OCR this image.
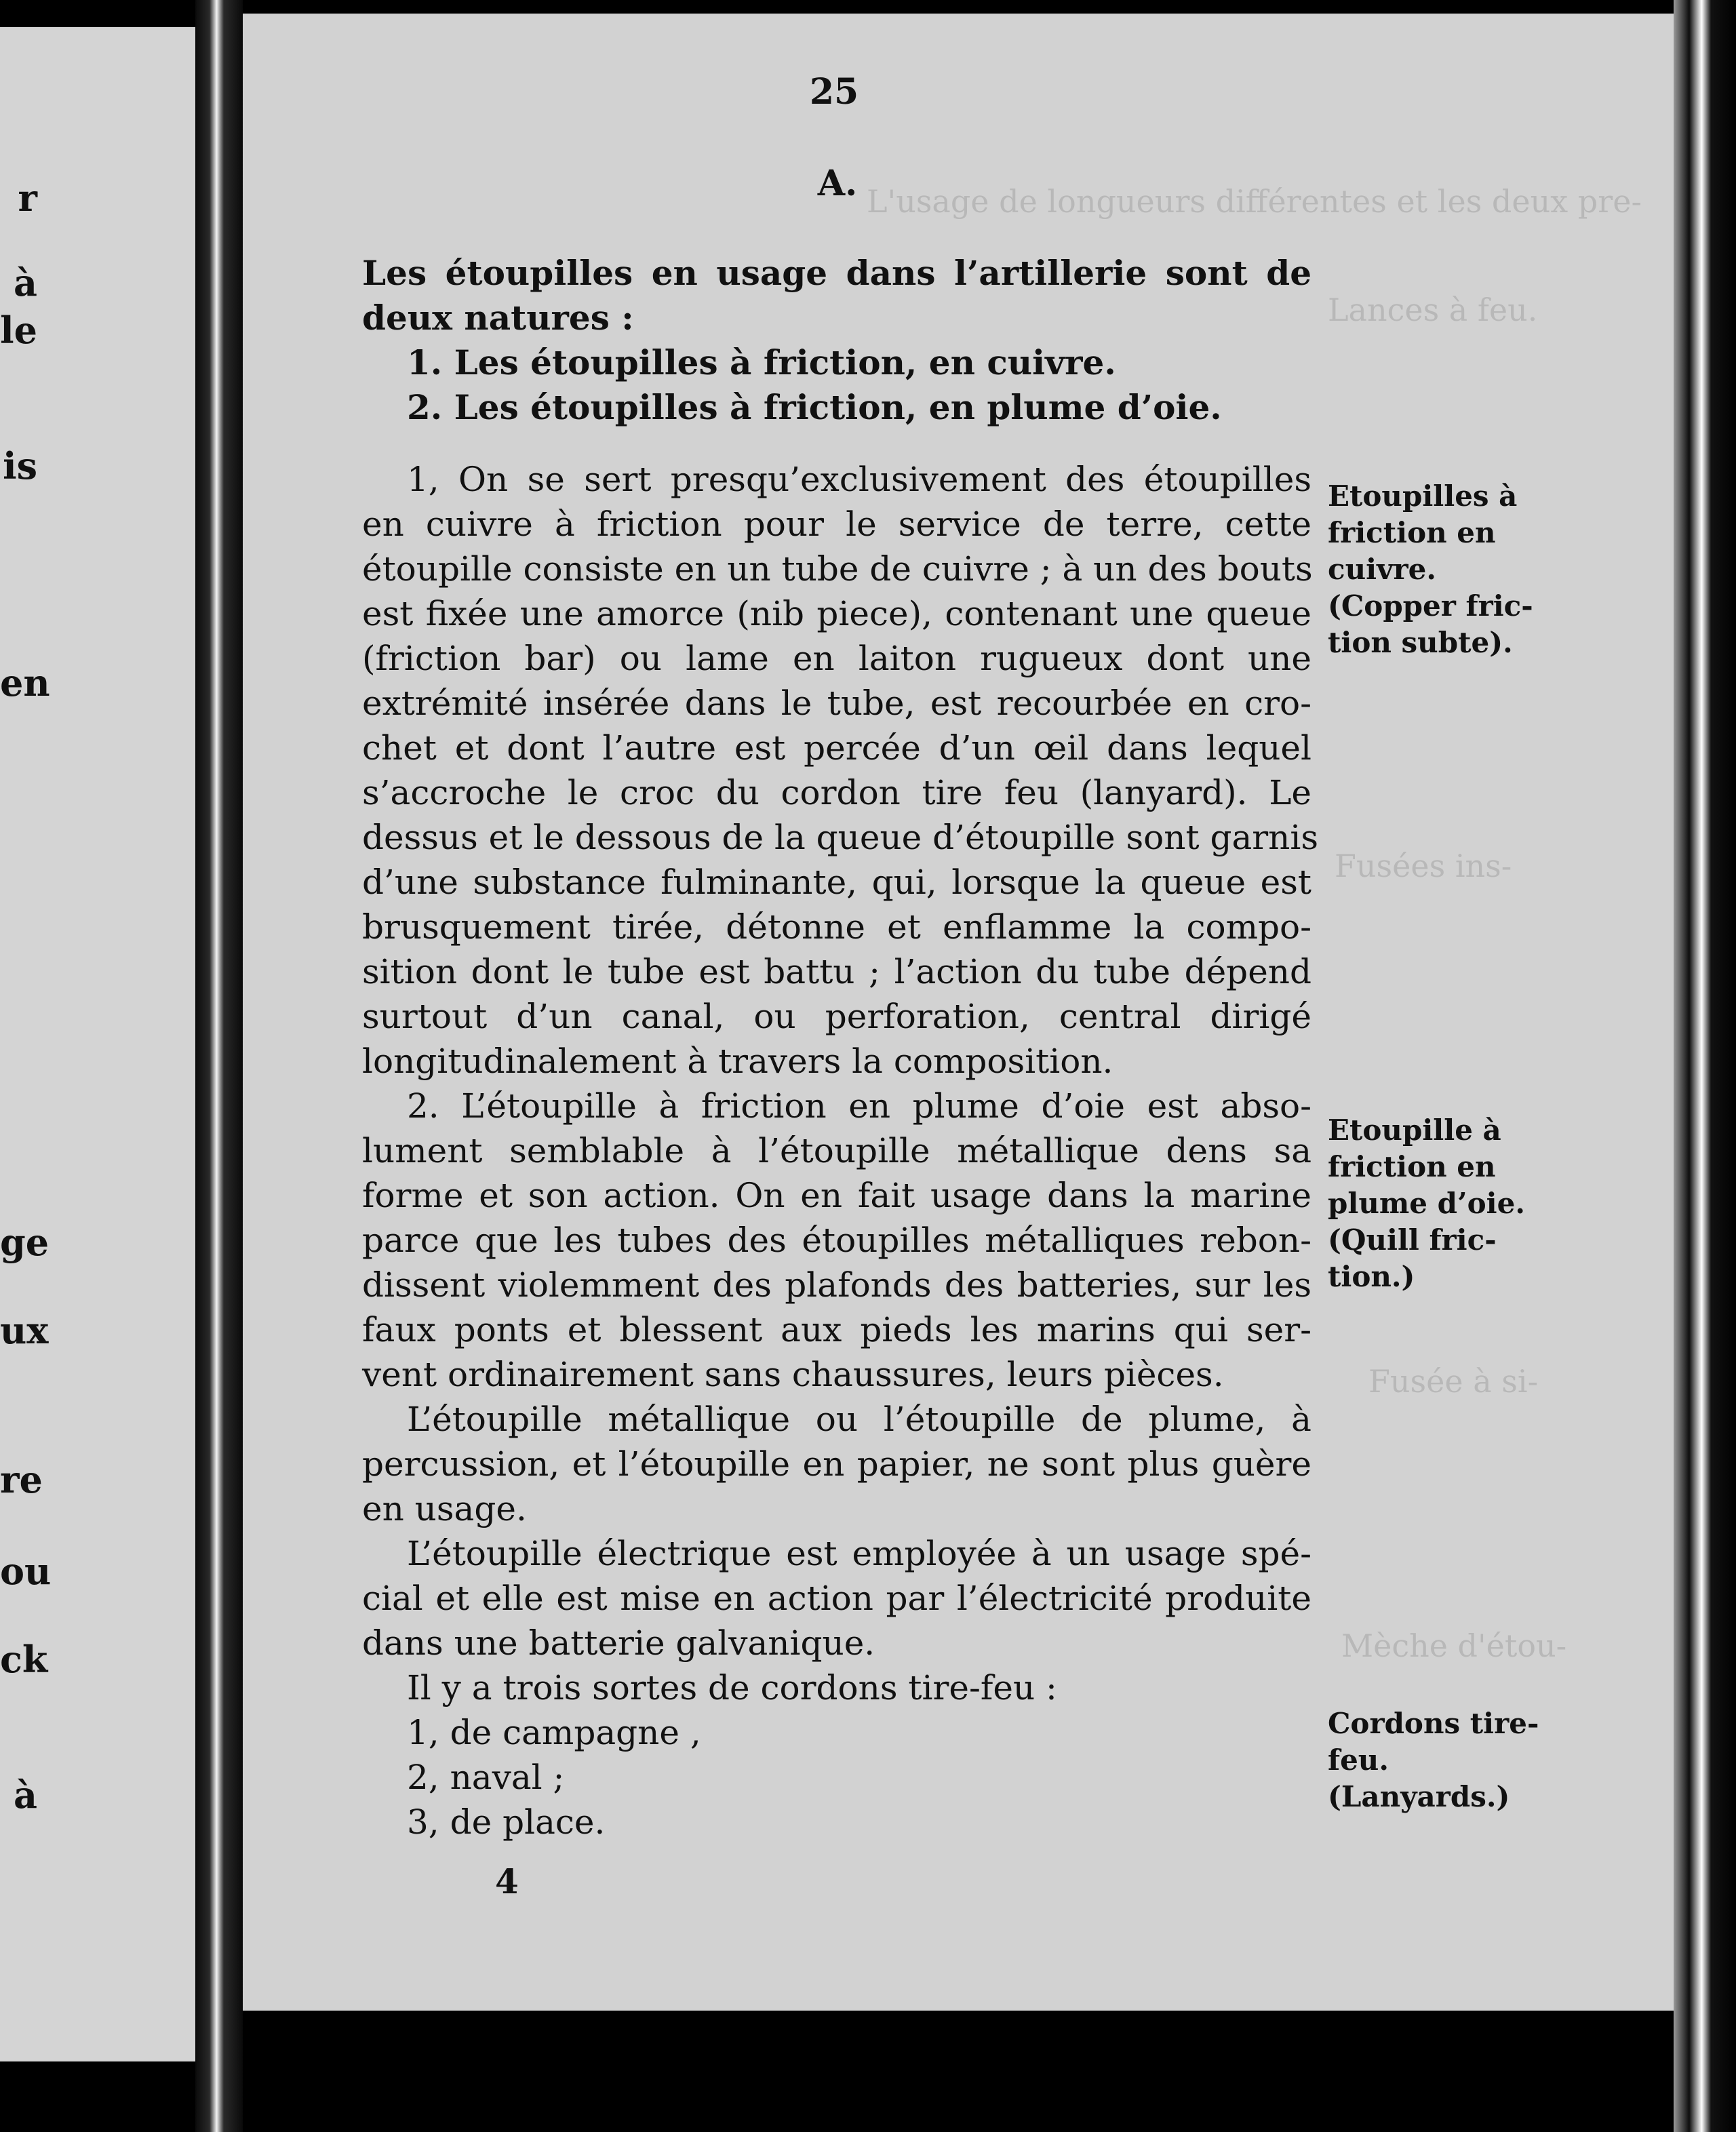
r
à
le
is
en
ge
ux
re
ou
ck
à
L'usage de longueurs différentes et les deux pre-
Lances à feu.
Fusées ins-
Fusée à si-
Mèche d'étou-
25
A.
Les étoupilles en usage dans l’artillerie sont de
deux natures :
1. Les étoupilles à friction, en cuivre.
2. Les étoupilles à friction, en plume d’oie.
1, On se sert presqu’exclusivement des étoupilles
en cuivre à friction pour le service de terre, cette
étoupille consiste en un tube de cuivre ; à un des bouts
est fixée une amorce (nib piece), contenant une queue
(friction bar) ou lame en laiton rugueux dont une
extrémité insérée dans le tube, est recourbée en cro-
chet et dont l’autre est percée d’un œil dans lequel
s’accroche le croc du cordon tire feu (lanyard). Le
dessus et le dessous de la queue d’étoupille sont garnis
d’une substance fulminante, qui, lorsque la queue est
brusquement tirée, détonne et enflamme la compo-
sition dont le tube est battu ; l’action du tube dépend
surtout d’un canal, ou perforation, central dirigé
longitudinalement à travers la composition.
2. L’étoupille à friction en plume d’oie est abso-
lument semblable à l’étoupille métallique dens sa
forme et son action. On en fait usage dans la marine
parce que les tubes des étoupilles métalliques rebon-
dissent violemment des plafonds des batteries, sur les
faux ponts et blessent aux pieds les marins qui ser-
vent ordinairement sans chaussures, leurs pièces.
L’étoupille métallique ou l’étoupille de plume, à
percussion, et l’étoupille en papier, ne sont plus guère
en usage.
L’étoupille électrique est employée à un usage spé-
cial et elle est mise en action par l’électricité produite
dans une batterie galvanique.
Il y a trois sortes de cordons tire-feu :
1, de campagne ,
2, naval ;
3, de place.
Etoupilles à
friction en
cuivre.
(Copper fric-
tion subte).
Etoupille à
friction en
plume d’oie.
(Quill fric-
tion.)
Cordons tire-
feu.
(Lanyards.)
4
